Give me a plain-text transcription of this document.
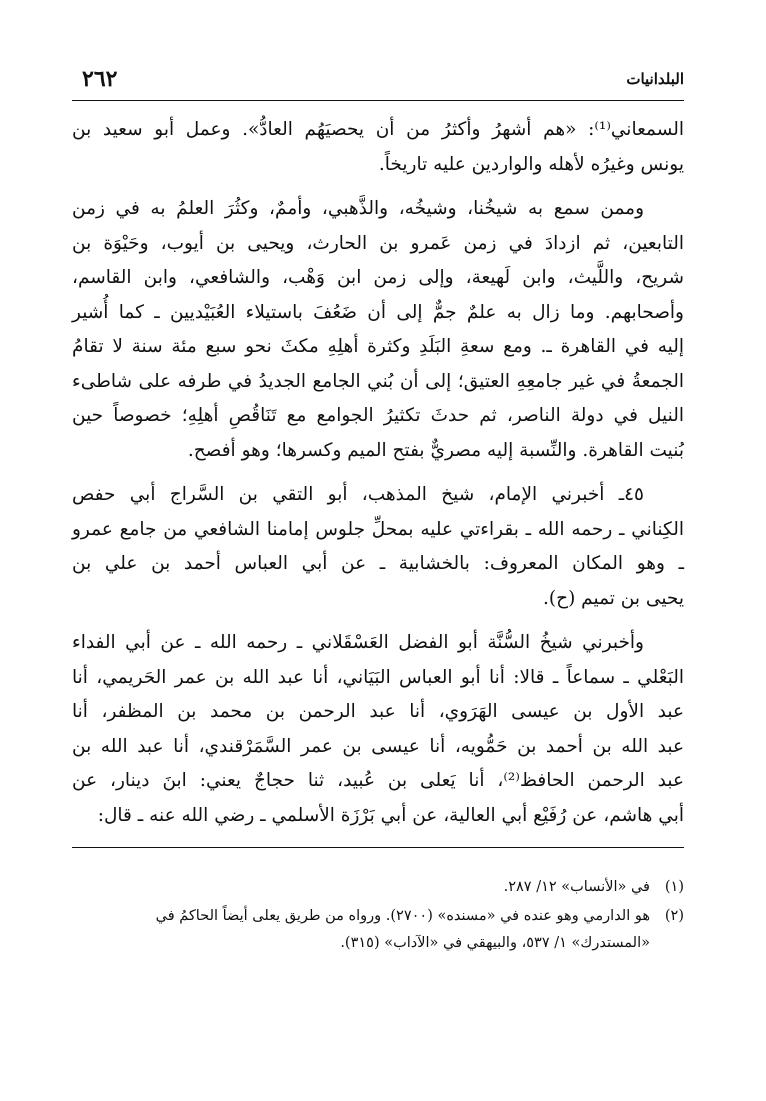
البلدانيات
٢٦٢

السمعاني⁽¹⁾: «هم أشهرُ وأكثرُ من أن يحصيَهُم العادُّ». وعمل أبو سعيد بن
يونس وغيرُه لأهله والواردين عليه تاريخاً.

وممن سمع به شيخُنا، وشيخُه، والذَّهبي، وأممٌ، وكثُرَ العلمُ به في زمن
التابعين، ثم ازدادَ في زمن عَمرو بن الحارث، ويحيى بن أيوب، وحَيْوَة بن
شريح، واللَّيث، وابن لَهيعة، وإلى زمن ابن وَهْب، والشافعي، وابن القاسم،
وأصحابهم. وما زال به علمٌ جمٌّ إلى أن ضَعُفَ باستيلاء العُبَيْديين ـ كما أُشير
إليه في القاهرة ـ. ومع سعةِ البَلَدِ وكثرة أهلِهِ مكثَ نحو سبع مئة سنة لا تقامُ
الجمعةُ في غير جامعِهِ العتيق؛ إلى أن بُني الجامع الجديدُ في طرفه على شاطىء
النيل في دولة الناصر، ثم حدثَ تكثيرُ الجوامع مع تَنَاقُصِ أهلِهِ؛ خصوصاً حين
بُنيت القاهرة. والنِّسبة إليه مصريٌّ بفتح الميم وكسرها؛ وهو أفصح.

٤٥ـ أخبرني الإمام، شيخ المذهب، أبو التقي بن السَّراج أبي حفص
الكِناني ـ رحمه الله ـ بقراءتي عليه بمحلِّ جلوس إمامنا الشافعي من جامع عمرو
ـ وهو المكان المعروف: بالخشابية ـ عن أبي العباس أحمد بن علي بن
يحيى بن تميم (ح).

وأخبرني شيخُ السُّنَّة أبو الفضل العَسْقَلاني ـ رحمه الله ـ عن أبي الفداء
البَعْلي ـ سماعاً ـ قالا: أنا أبو العباس البَيَاني، أنا عبد الله بن عمر الحَريمي، أنا
عبد الأول بن عيسى الهَرَوي، أنا عبد الرحمن بن محمد بن المظفر، أنا
عبد الله بن أحمد بن حَمُّويه، أنا عيسى بن عمر السَّمَرْقندي، أنا عبد الله بن
عبد الرحمن الحافظ⁽²⁾، أنا يَعلى بن عُبيد، ثنا حجاجٌ يعني: ابنَ دينار، عن
أبي هاشم، عن رُفَيْع أبي العالية، عن أبي بَرْزَة الأسلمي ـ رضي الله عنه ـ قال:

(١)
في «الأنساب» ١٢/ ٢٨٧.
(٢)
هو الدارمي وهو عنده في «مسنده» (٢٧٠٠). ورواه من طريق يعلى أيضاً الحاكمُ في
«المستدرك» ١/ ٥٣٧، والبيهقي في «الآداب» (٣١٥).
